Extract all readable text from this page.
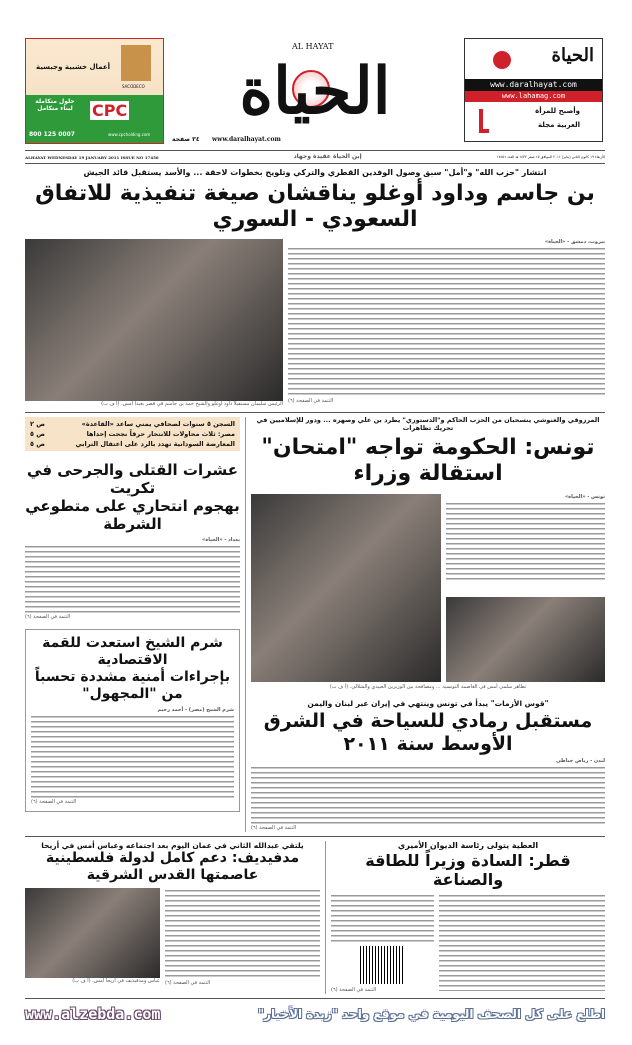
SACODECO
أعمال خشبية وجبسية
حلول متكاملة لبناء متكامل	CPC
800 125 0007	www.cpcholding.com
AL HAYAT
الحياة
www.daralhayat.com
٣٤ صفحة
الحياة
www.daralhayat.com
www.lahamag.com
وأصبح للمرأة
العربية مجلة
ALHAYAT WEDNESDAY 19 JANUARY 2011 ISSUE NO 17456	إبن الحياة عقيدة وجهاد	الأربعاء ١٩ كانون الثاني (يناير) ٢٠١١ الموافق ١٥ صفر ١٤٣٢ هـ العدد ١٧٤٥٦
انتشار "حزب الله" و"أمل" سبق وصول الوفدين القطري والتركي وتلويح بخطوات لاحقة ... والأسد يستقبل قائد الجيش
بن جاسم وداود أوغلو يناقشان صيغة تنفيذية للاتفاق السعودي - السوري
الرئيس سليمان مستقبلاً داود أوغلو والشيخ حمد بن جاسم في قصر بعبدا أمس. (أ ف ب)
بيروت، دمشق - «الحياة»
التتمة في الصفحة (٦)
السجن ٥ سنوات لصحافي يمني ساعد «القاعدة»
ص ٢
مصر: ثلاث محاولات للانتحار حرقاً نجحت إحداها
ص ٥
المعارضة السودانية تهدد بالرد على اعتقال الترابي
ص ٥
عشرات القتلى والجرحى في تكريت
بهجوم انتحاري على متطوعي الشرطة
بغداد - «الحياة»
التتمة في الصفحة (٦)
شرم الشيخ استعدت للقمة الاقتصادية
بإجراءات أمنية مشددة تحسباً من "المجهول"
شرم الشيخ (مصر) - أحمد رحيم
التتمة في الصفحة (٦)
المرزوقي والغنوشي ينسحبان من الحزب الحاكم و"الدستوري" يطرد بن علي وصهره ... ودور للإسلاميين في تحريك تظاهرات
تونس: الحكومة تواجه "امتحان" استقالة وزراء
تونس - «الحياة»
تظاهر سلمي أمس في العاصمة التونسية ... ومصافحة بين الوزيرين العبيدي والشلالي. (أ ف ب)
"قوس الأزمات" يبدأ في تونس وينتهي في إيران عبر لبنان واليمن
مستقبل رمادي للسياحة في الشرق الأوسط سنة ٢٠١١
لندن - رياض خباطي
التتمة في الصفحة (٦)
يلتقي عبدالله الثاني في عمان اليوم بعد اجتماعه وعباس أمس في أريحا
مدفيديف: دعم كامل لدولة فلسطينية عاصمتها القدس الشرقية
عباس ومدفيديف في أريحا أمس. (أ ف ب) التتمة في الصفحة (٦)
العطية يتولى رئاسة الديوان الأميري
قطر: السادة وزيراً للطاقة والصناعة
التتمة في الصفحة (٦)
www.alzebda.com	اطلع على كل الصحف اليومية في موقع واحد "زبدة الأخبار"
